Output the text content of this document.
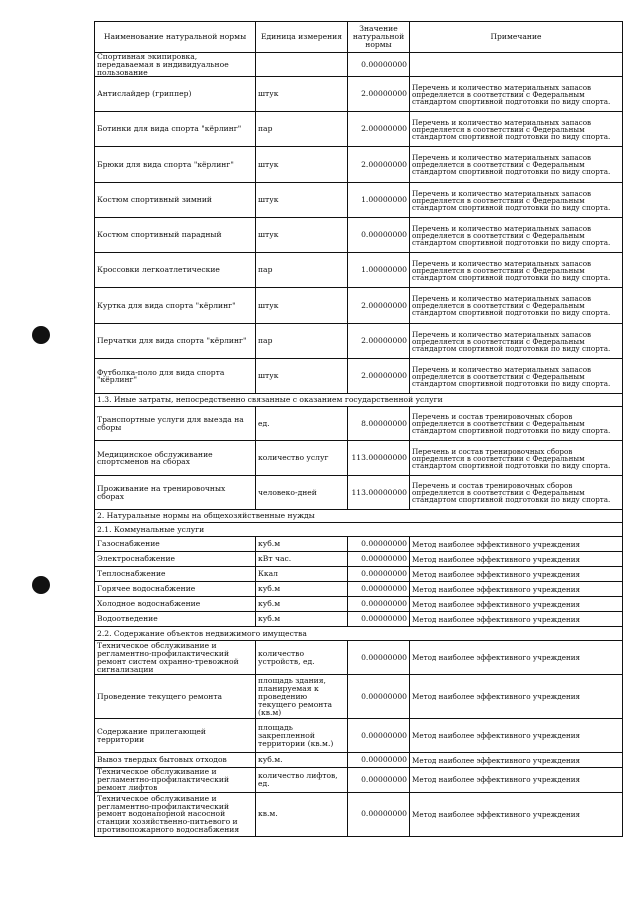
Наименование натуральной нормы	Единица измерения	Значение натуральной нормы	Примечание
Спортивная экипировка, передаваемая в индивидуальное пользование		0.00000000	
Антислайдер (гриппер)	штук	2.00000000	Перечень и количество материальных запасов определяется в соответствии с Федеральным стандартом спортивной подготовки по виду спорта.
Ботинки для вида спорта "кёрлинг"	пар	2.00000000	Перечень и количество материальных запасов определяется в соответствии с Федеральным стандартом спортивной подготовки по виду спорта.
Брюки для вида спорта "кёрлинг"	штук	2.00000000	Перечень и количество материальных запасов определяется в соответствии с Федеральным стандартом спортивной подготовки по виду спорта.
Костюм спортивный зимний	штук	1.00000000	Перечень и количество материальных запасов определяется в соответствии с Федеральным стандартом спортивной подготовки по виду спорта.
Костюм спортивный парадный	штук	0.00000000	Перечень и количество материальных запасов определяется в соответствии с Федеральным стандартом спортивной подготовки по виду спорта.
Кроссовки легкоатлетические	пар	1.00000000	Перечень и количество материальных запасов определяется в соответствии с Федеральным стандартом спортивной подготовки по виду спорта.
Куртка для вида спорта "кёрлинг"	штук	2.00000000	Перечень и количество материальных запасов определяется в соответствии с Федеральным стандартом спортивной подготовки по виду спорта.
Перчатки для вида спорта "кёрлинг"	пар	2.00000000	Перечень и количество материальных запасов определяется в соответствии с Федеральным стандартом спортивной подготовки по виду спорта.
Футболка-поло для вида спорта "кёрлинг"	штук	2.00000000	Перечень и количество материальных запасов определяется в соответствии с Федеральным стандартом спортивной подготовки по виду спорта.
1.3. Иные затраты, непосредственно связанные с оказанием государственной услуги			
Транспортные услуги для выезда на сборы	ед.	8.00000000	Перечень и состав тренировочных сборов определяется в соответствии с Федеральным стандартом спортивной подготовки по виду спорта.
Медицинское обслуживание спортсменов на сборах	количество услуг	113.00000000	Перечень и состав тренировочных сборов определяется в соответствии с Федеральным стандартом спортивной подготовки по виду спорта.
Проживание на тренировочных сборах	человеко-дней	113.00000000	Перечень и состав тренировочных сборов определяется в соответствии с Федеральным стандартом спортивной подготовки по виду спорта.
2. Натуральные нормы на общехозяйственные нужды			
2.1. Коммунальные услуги			
Газоснабжение	куб.м	0.00000000	Метод наиболее эффективного учреждения
Электроснабжение	кВт час.	0.00000000	Метод наиболее эффективного учреждения
Теплоснабжение	Ккал	0.00000000	Метод наиболее эффективного учреждения
Горячее водоснабжение	куб.м	0.00000000	Метод наиболее эффективного учреждения
Холодное водоснабжение	куб.м	0.00000000	Метод наиболее эффективного учреждения
Водоотведение	куб.м	0.00000000	Метод наиболее эффективного учреждения
2.2. Содержание объектов недвижимого имущества			
Техническое обслуживание и регламентно-профилактический ремонт систем охранно-тревожной сигнализации	количество устройств, ед.	0.00000000	Метод наиболее эффективного учреждения
Проведение текущего ремонта	площадь здания, планируемая к проведению текущего ремонта (кв.м)	0.00000000	Метод наиболее эффективного учреждения
Содержание прилегающей территории	площадь закрепленной территории (кв.м.)	0.00000000	Метод наиболее эффективного учреждения
Вывоз твердых бытовых отходов	куб.м.	0.00000000	Метод наиболее эффективного учреждения
Техническое обслуживание и регламентно-профилактический ремонт лифтов	количество лифтов, ед.	0.00000000	Метод наиболее эффективного учреждения
Техническое обслуживание и регламентно-профилактический ремонт водонапорной насосной станции хозяйственно-питьевого и противопожарного водоснабжения	кв.м.	0.00000000	Метод наиболее эффективного учреждения
